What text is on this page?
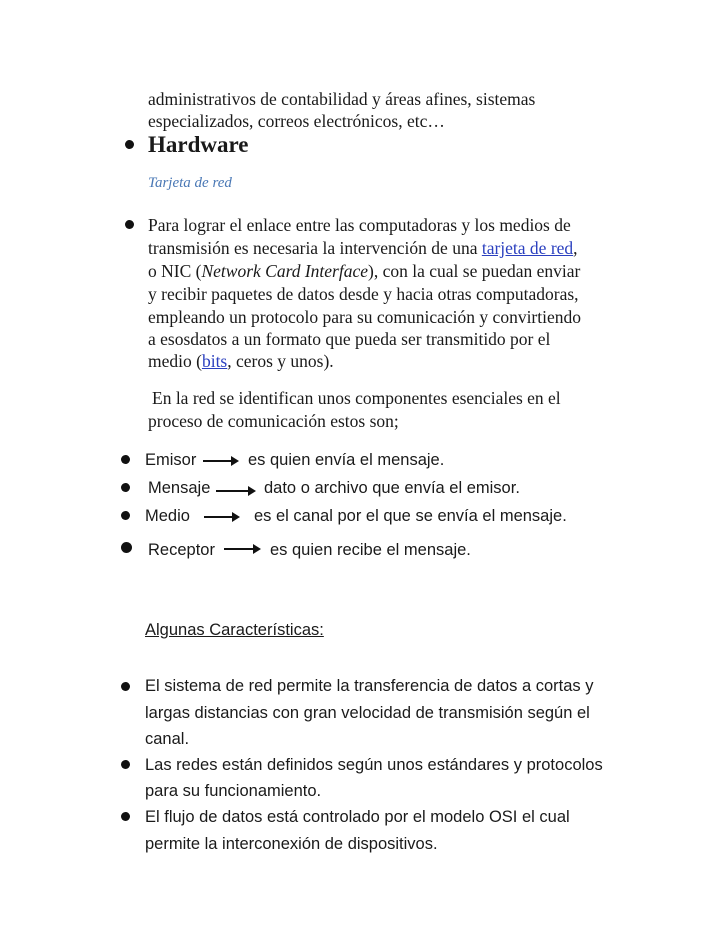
administrativos de contabilidad y áreas afines, sistemas
especializados, correos electrónicos, etc…
Hardware
Tarjeta de red
Para lograr el enlace entre las computadoras y los medios de
transmisión es necesaria la intervención de una tarjeta de red,
o NIC (Network Card Interface), con la cual se puedan enviar
y recibir paquetes de datos desde y hacia otras computadoras,
empleando un protocolo para su comunicación y convirtiendo
a esosdatos a un formato que pueda ser transmitido por el
medio (bits, ceros y unos).
En la red se identifican unos componentes esenciales en el
proceso de comunicación estos son;
Emisor	es quien envía el mensaje.
Mensaje	dato o archivo que envía el emisor.
Medio	es el canal por el que se envía el mensaje.
Receptor	es quien recibe el mensaje.
Algunas Características:
El sistema de red permite la transferencia de datos a cortas y
largas distancias con gran velocidad de transmisión según el
canal.
Las redes están definidos según unos estándares y protocolos
para su funcionamiento.
El flujo de datos está controlado por el modelo OSI el cual
permite la interconexión de dispositivos.
